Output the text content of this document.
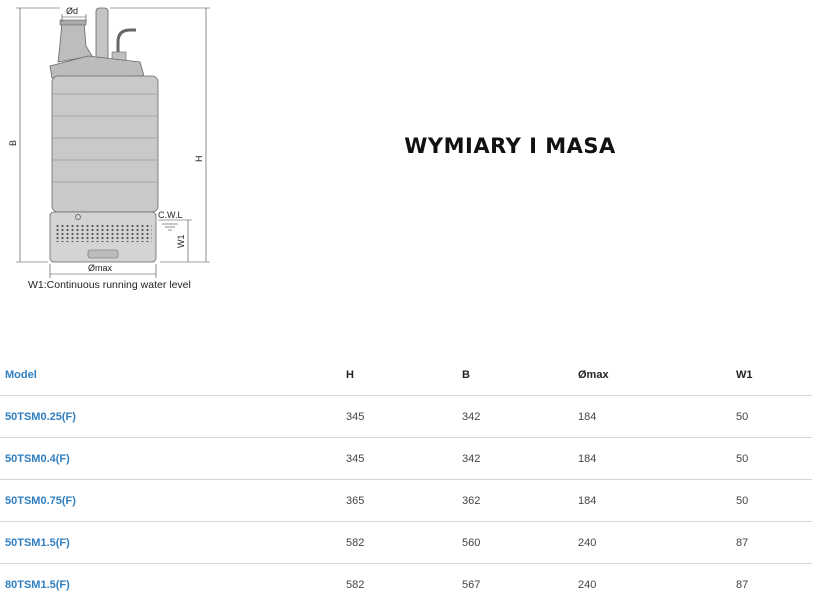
Ød
B
H
C.W.L
W1
Ømax
W1:Continuous running water level
WYMIARY I MASA
Model	H	B	Ømax	W1
50TSM0.25(F)	345	342	184	50
50TSM0.4(F)	345	342	184	50
50TSM0.75(F)	365	362	184	50
50TSM1.5(F)	582	560	240	87
80TSM1.5(F)	582	567	240	87
